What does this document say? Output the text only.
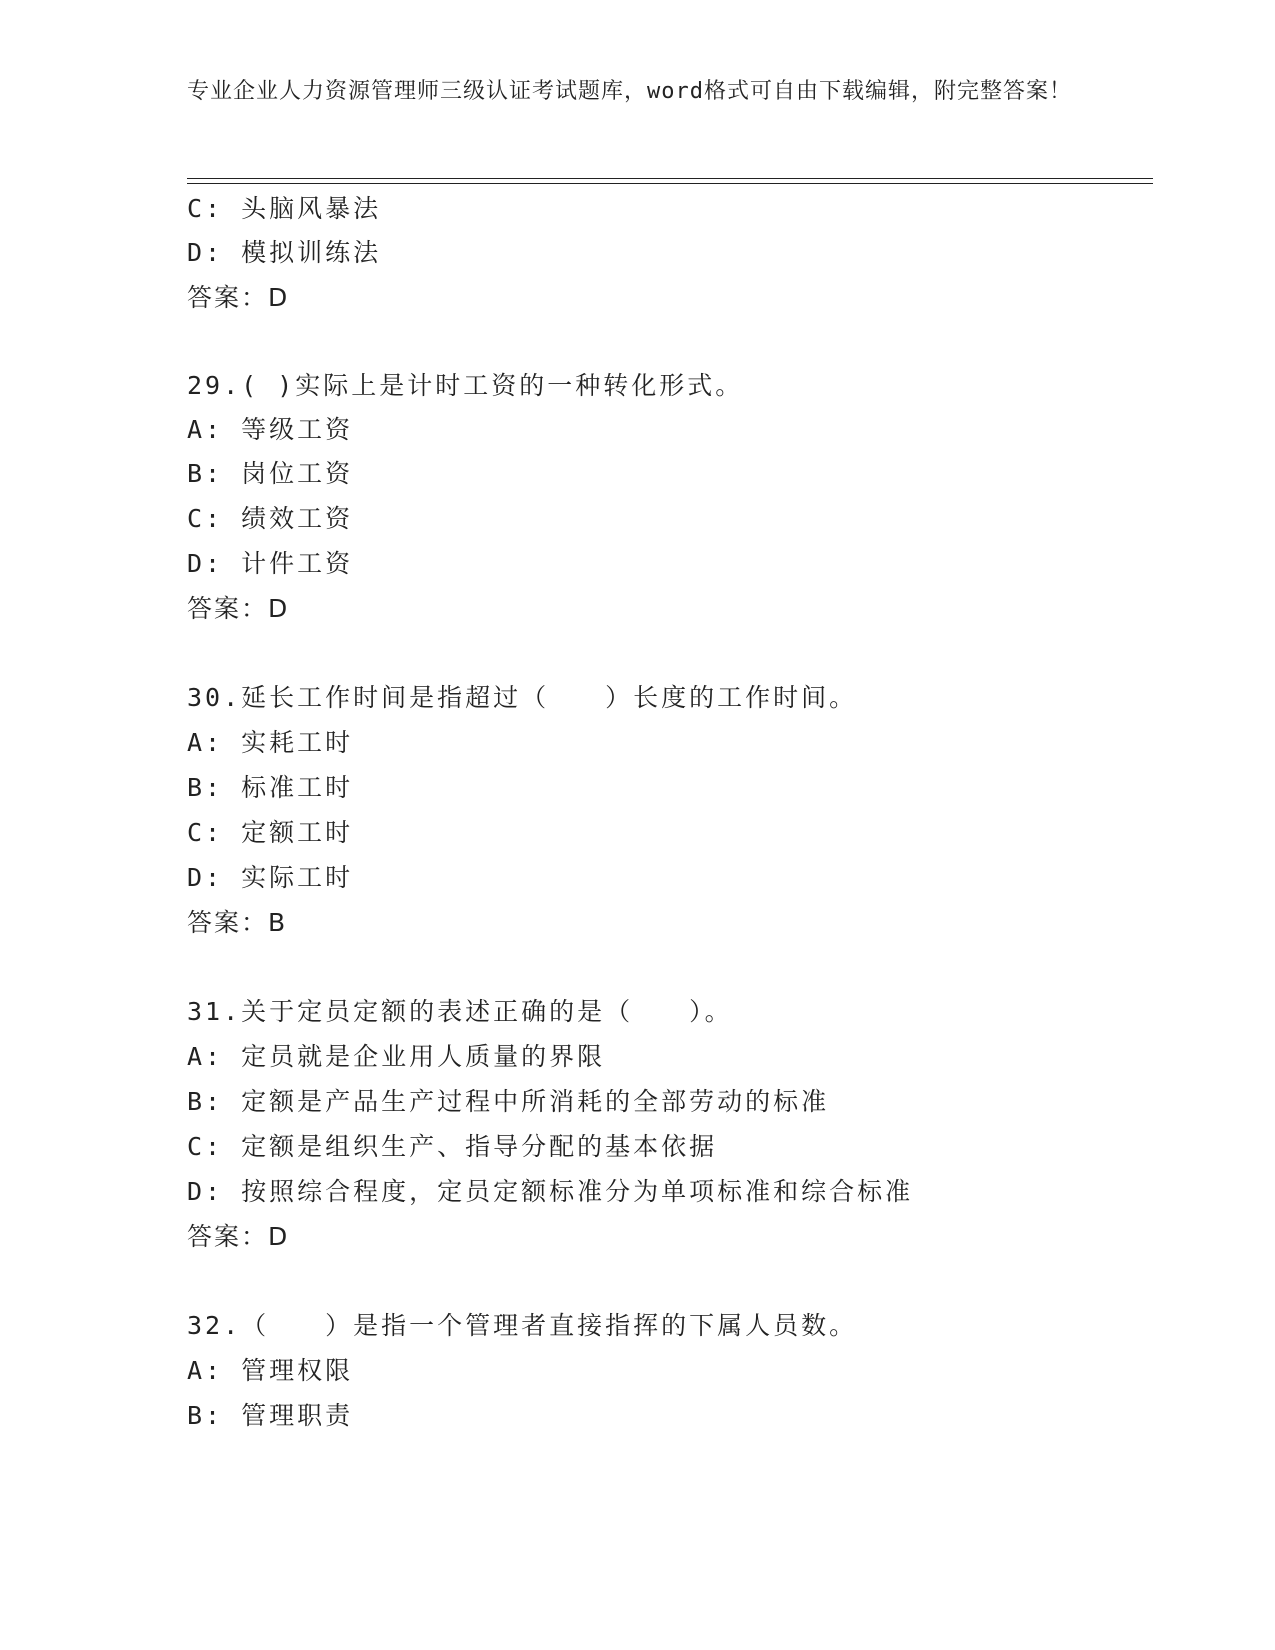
专业企业人力资源管理师三级认证考试题库，word格式可自由下载编辑，附完整答案！
C: 头脑风暴法
D: 模拟训练法
答案：D
29.( )实际上是计时工资的一种转化形式。
A: 等级工资
B: 岗位工资
C: 绩效工资
D: 计件工资
答案：D
30.延长工作时间是指超过（　　）长度的工作时间。
A: 实耗工时
B: 标准工时
C: 定额工时
D: 实际工时
答案：B
31.关于定员定额的表述正确的是（　　）。
A: 定员就是企业用人质量的界限
B: 定额是产品生产过程中所消耗的全部劳动的标准
C: 定额是组织生产、指导分配的基本依据
D: 按照综合程度，定员定额标准分为单项标准和综合标准
答案：D
32.（　　）是指一个管理者直接指挥的下属人员数。
A: 管理权限
B: 管理职责
